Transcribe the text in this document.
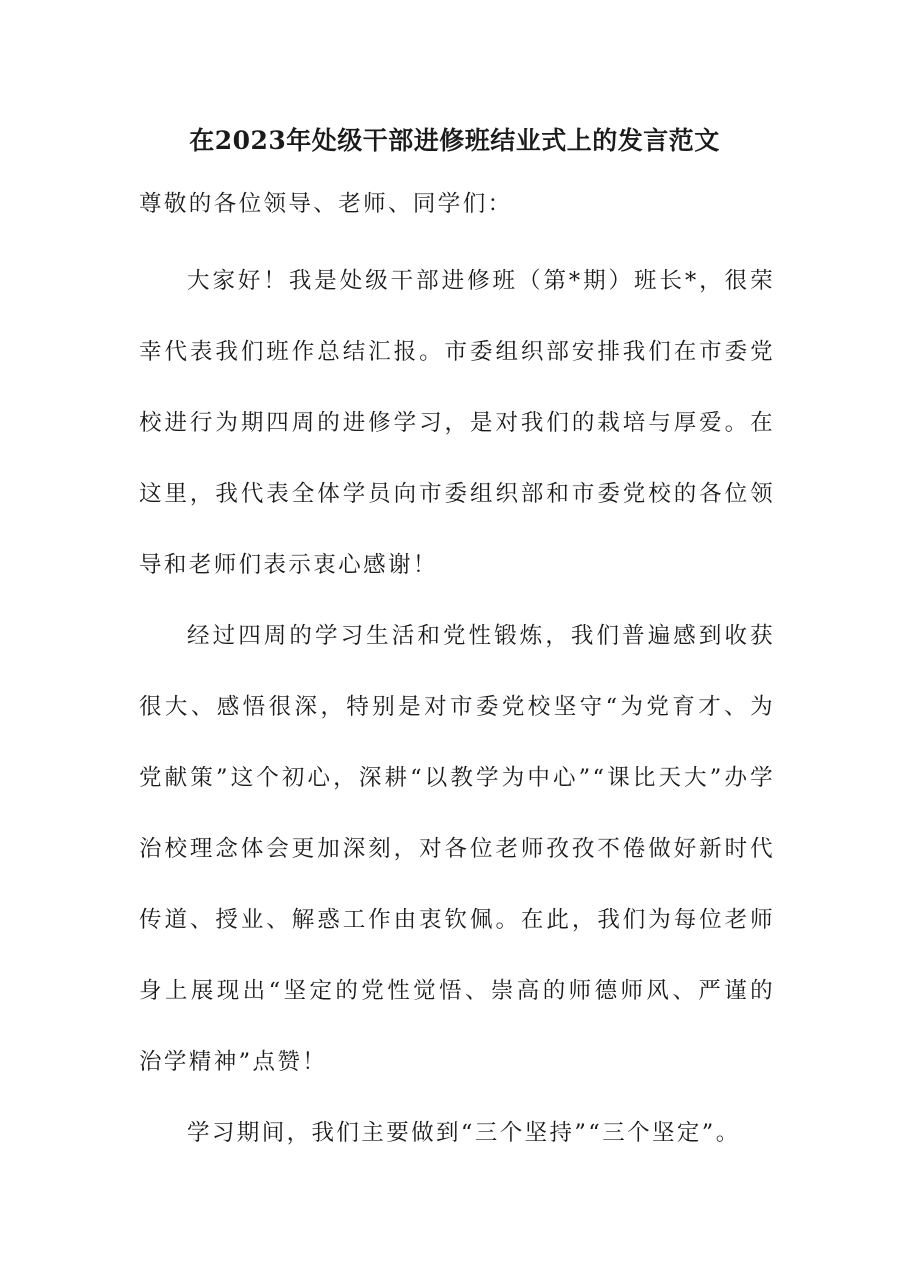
在2023年处级干部进修班结业式上的发言范文

尊敬的各位领导、老师、同学们：

大家好！我是处级干部进修班（第*期）班长*，很荣幸代表我们班作总结汇报。市委组织部安排我们在市委党校进行为期四周的进修学习，是对我们的栽培与厚爱。在这里，我代表全体学员向市委组织部和市委党校的各位领导和老师们表示衷心感谢！

经过四周的学习生活和党性锻炼，我们普遍感到收获很大、感悟很深，特别是对市委党校坚守“为党育才、为党献策”这个初心，深耕“以教学为中心”“课比天大”办学治校理念体会更加深刻，对各位老师孜孜不倦做好新时代传道、授业、解惑工作由衷钦佩。在此，我们为每位老师身上展现出“坚定的党性觉悟、崇高的师德师风、严谨的治学精神”点赞！

学习期间，我们主要做到“三个坚持”“三个坚定”。
